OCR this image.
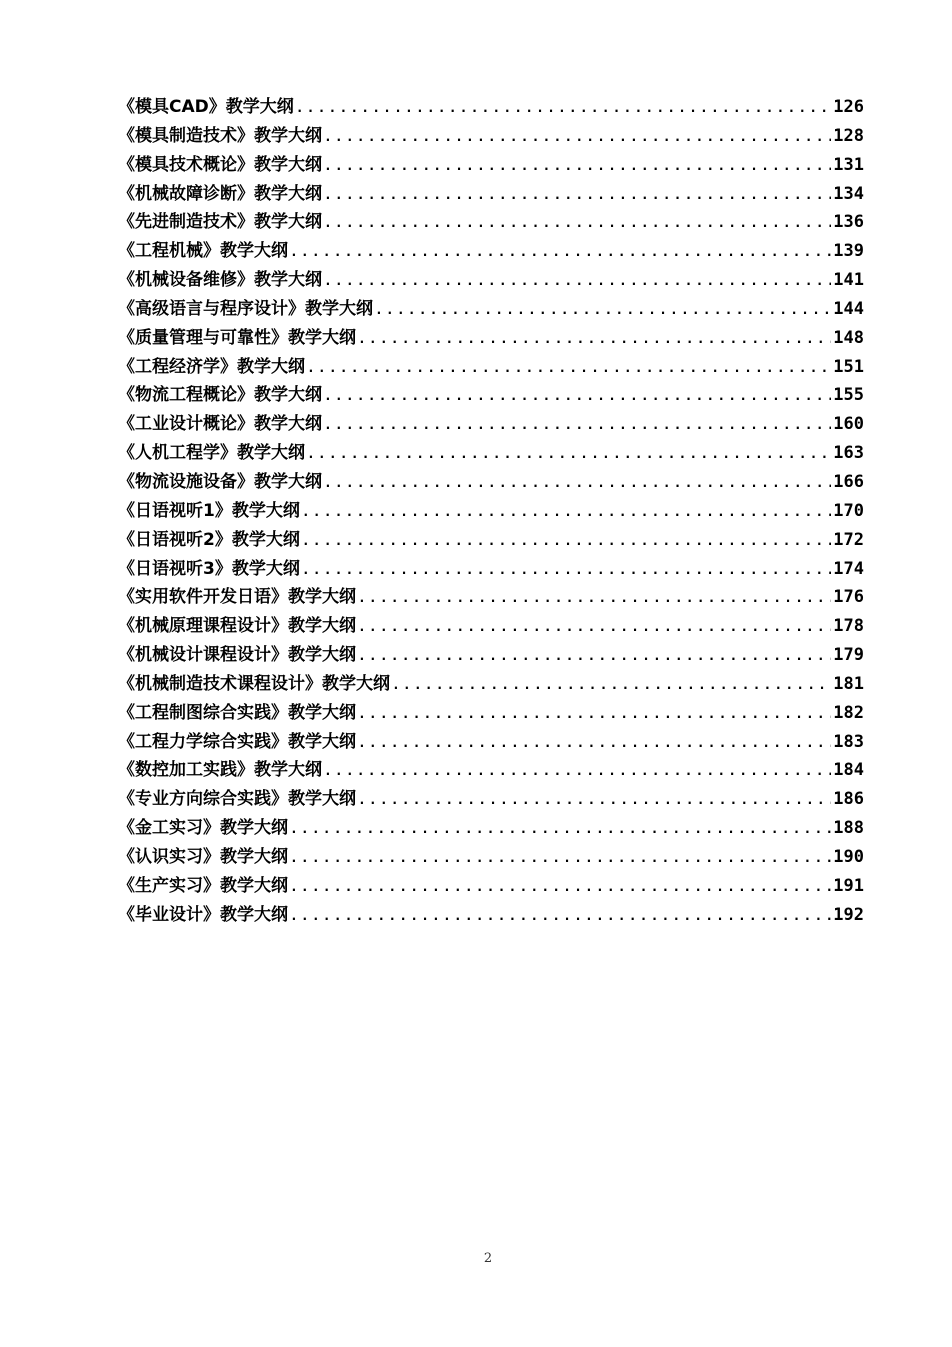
《模具CAD》教学大纲 .....	126
《模具制造技术》教学大纲 .....	128
《模具技术概论》教学大纲 .....	131
《机械故障诊断》教学大纲 .....	134
《先进制造技术》教学大纲 .....	136
《工程机械》教学大纲 .....	139
《机械设备维修》教学大纲 .....	141
《高级语言与程序设计》教学大纲 .....	144
《质量管理与可靠性》教学大纲 .....	148
《工程经济学》教学大纲 .....	151
《物流工程概论》教学大纲 .....	155
《工业设计概论》教学大纲 .....	160
《人机工程学》教学大纲 .....	163
《物流设施设备》教学大纲 .....	166
《日语视听1》教学大纲 .....	170
《日语视听2》教学大纲 .....	172
《日语视听3》教学大纲 .....	174
《实用软件开发日语》教学大纲 .....	176
《机械原理课程设计》教学大纲 .....	178
《机械设计课程设计》教学大纲 .....	179
《机械制造技术课程设计》教学大纲 .....	181
《工程制图综合实践》教学大纲 .....	182
《工程力学综合实践》教学大纲 .....	183
《数控加工实践》教学大纲 .....	184
《专业方向综合实践》教学大纲 .....	186
《金工实习》教学大纲 .....	188
《认识实习》教学大纲 .....	190
《生产实习》教学大纲 .....	191
《毕业设计》教学大纲 .....	192
2
